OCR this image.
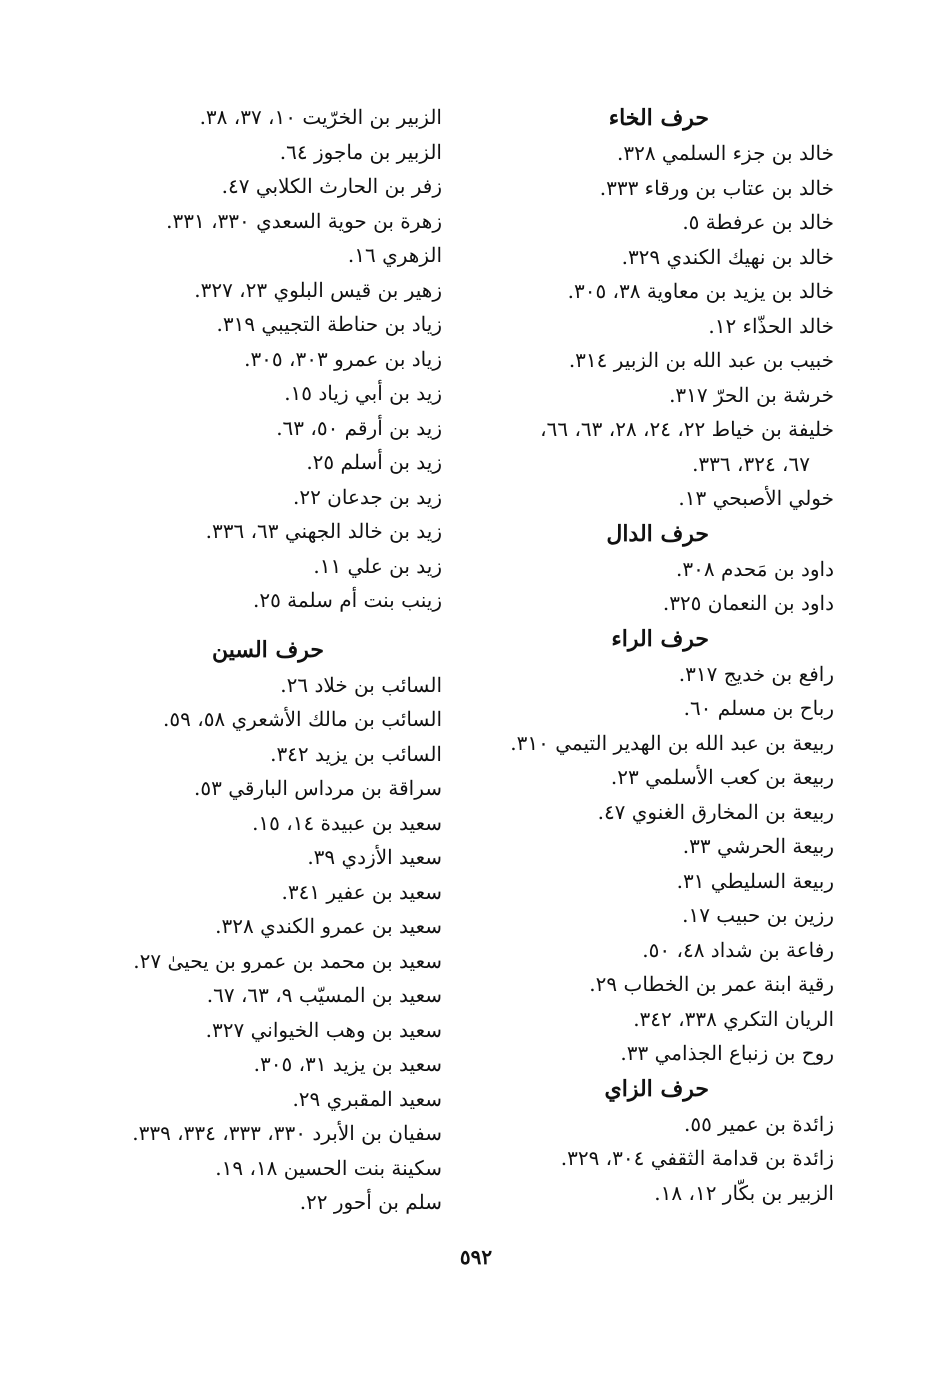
حرف الخاء
خالد بن جزء السلمي ٣٢٨.
خالد بن عتاب بن ورقاء ٣٣٣.
خالد بن عرفطة ٥.
خالد بن نهيك الكندي ٣٢٩.
خالد بن يزيد بن معاوية ٣٨، ٣٠٥.
خالد الحذّاء ١٢.
خبيب بن عبد الله بن الزبير ٣١٤.
خرشة بن الحرّ ٣١٧.
خليفة بن خياط ٢٢، ٢٤، ٢٨، ٦٣، ٦٦،
٦٧، ٣٢٤، ٣٣٦.
خولي الأصبحي ١٣.
حرف الدال
داود بن مَحدم ٣٠٨.
داود بن النعمان ٣٢٥.
حرف الراء
رافع بن خديج ٣١٧.
رباح بن مسلم ٦٠.
ربيعة بن عبد الله بن الهدير التيمي ٣١٠.
ربيعة بن كعب الأسلمي ٢٣.
ربيعة بن المخارق الغنوي ٤٧.
ربيعة الحرشي ٣٣.
ربيعة السليطي ٣١.
رزين بن حبيب ١٧.
رفاعة بن شداد ٤٨، ٥٠.
رقية ابنة عمر بن الخطاب ٢٩.
الريان التكري ٣٣٨، ٣٤٢.
روح بن زنباع الجذامي ٣٣.
حرف الزاي
زائدة بن عمير ٥٥.
زائدة بن قدامة الثقفي ٣٠٤، ٣٢٩.
الزبير بن بكّار ١٢، ١٨.
الزبير بن الخرّيت ١٠، ٣٧، ٣٨.
الزبير بن ماجوز ٦٤.
زفر بن الحارث الكلابي ٤٧.
زهرة بن حوية السعدي ٣٣٠، ٣٣١.
الزهري ١٦.
زهير بن قيس البلوي ٢٣، ٣٢٧.
زياد بن حناطة التجيبي ٣١٩.
زياد بن عمرو ٣٠٣، ٣٠٥.
زيد بن أبي زياد ١٥.
زيد بن أرقم ٥٠، ٦٣.
زيد بن أسلم ٢٥.
زيد بن جدعان ٢٢.
زيد بن خالد الجهني ٦٣، ٣٣٦.
زيد بن علي ١١.
زينب بنت أم سلمة ٢٥.
حرف السين
السائب بن خلاد ٢٦.
السائب بن مالك الأشعري ٥٨، ٥٩.
السائب بن يزيد ٣٤٢.
سراقة بن مرداس البارقي ٥٣.
سعيد بن عبيدة ١٤، ١٥.
سعيد الأزدي ٣٩.
سعيد بن عفير ٣٤١.
سعيد بن عمرو الكندي ٣٢٨.
سعيد بن محمد بن عمرو بن يحيىٰ ٢٧.
سعيد بن المسيّب ٩، ٦٣، ٦٧.
سعيد بن وهب الخيواني ٣٢٧.
سعيد بن يزيد ٣١، ٣٠٥.
سعيد المقبري ٢٩.
سفيان بن الأبرد ٣٣٠، ٣٣٣، ٣٣٤، ٣٣٩.
سكينة بنت الحسين ١٨، ١٩.
سلم بن أحور ٢٢.
٥٩٢
